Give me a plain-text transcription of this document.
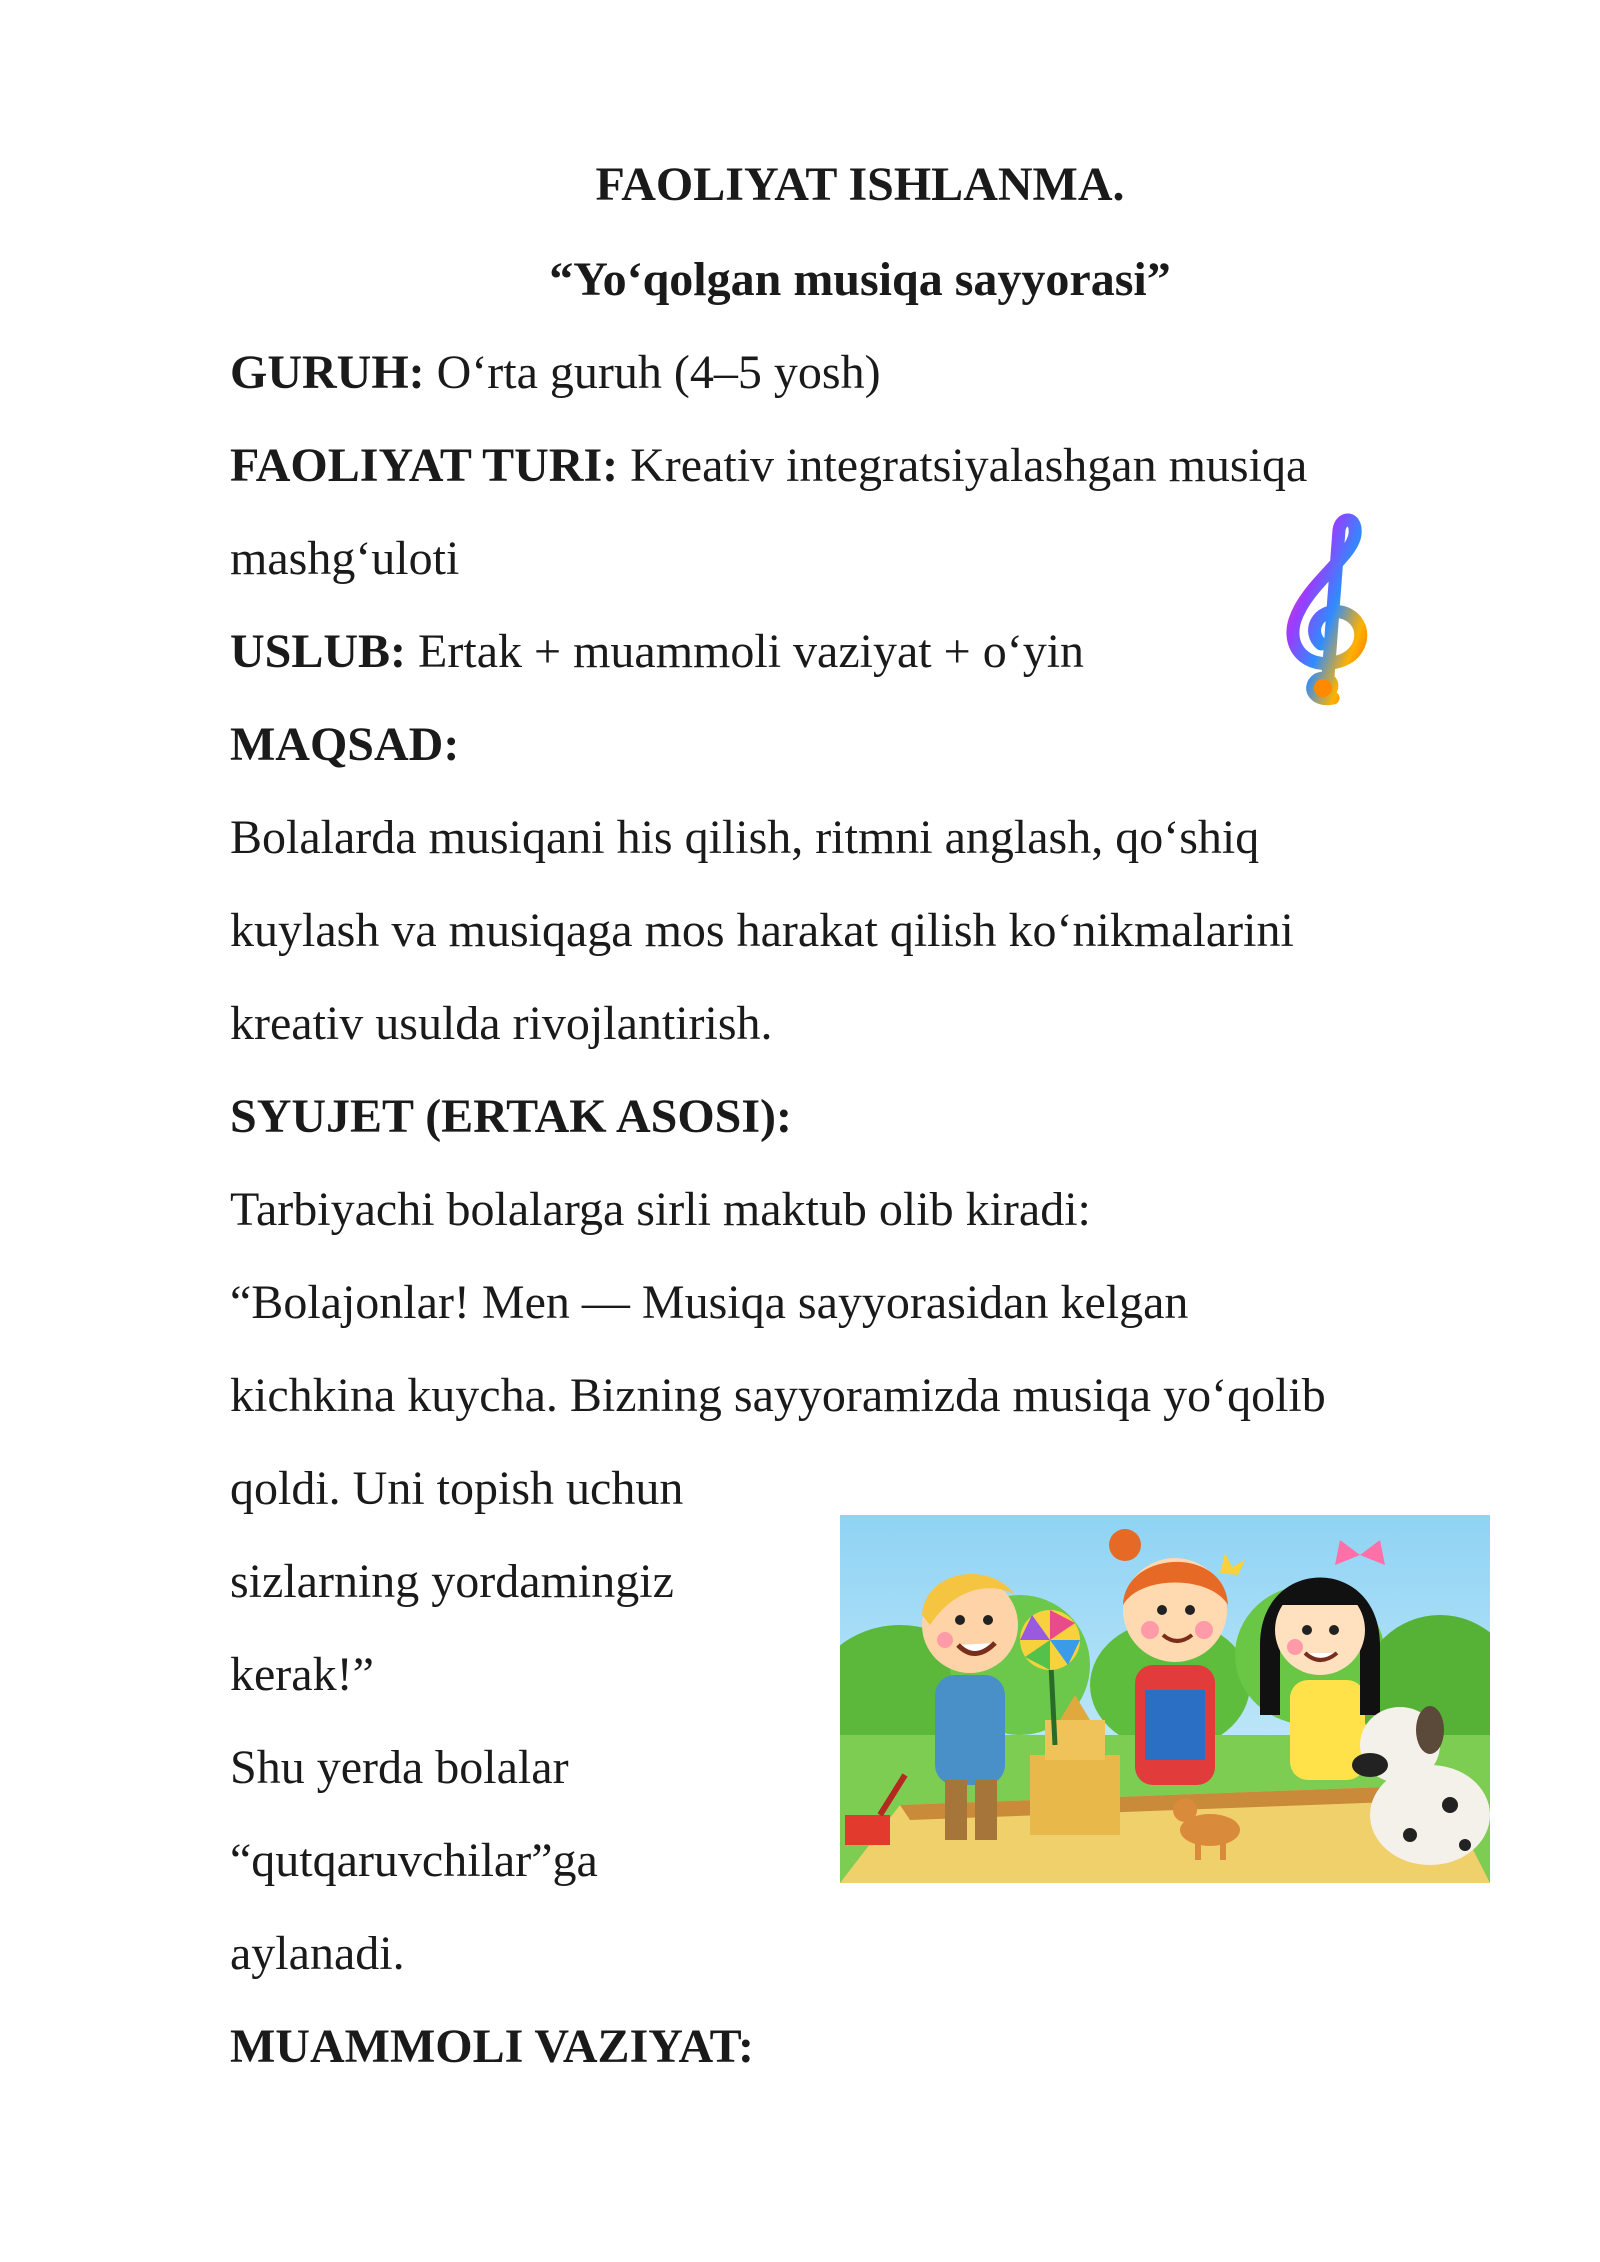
FAOLIYAT ISHLANMA.
“Yo‘qolgan musiqa sayyorasi”
GURUH: O‘rta guruh (4–5 yosh)
FAOLIYAT TURI: Kreativ integratsiyalashgan musiqa
mashg‘uloti
USLUB: Ertak + muammoli vaziyat + o‘yin
MAQSAD:
Bolalarda musiqani his qilish, ritmni anglash, qo‘shiq
kuylash va musiqaga mos harakat qilish ko‘nikmalarini
kreativ usulda rivojlantirish.
SYUJET (ERTAK ASOSI):
Tarbiyachi bolalarga sirli maktub olib kiradi:
“Bolajonlar! Men — Musiqa sayyorasidan kelgan
kichkina kuycha. Bizning sayyoramizda musiqa yo‘qolib
qoldi. Uni topish uchun
sizlarning yordamingiz
kerak!”
Shu yerda bolalar
“qutqaruvchilar”ga
aylanadi.
MUAMMOLI VAZIYAT:
